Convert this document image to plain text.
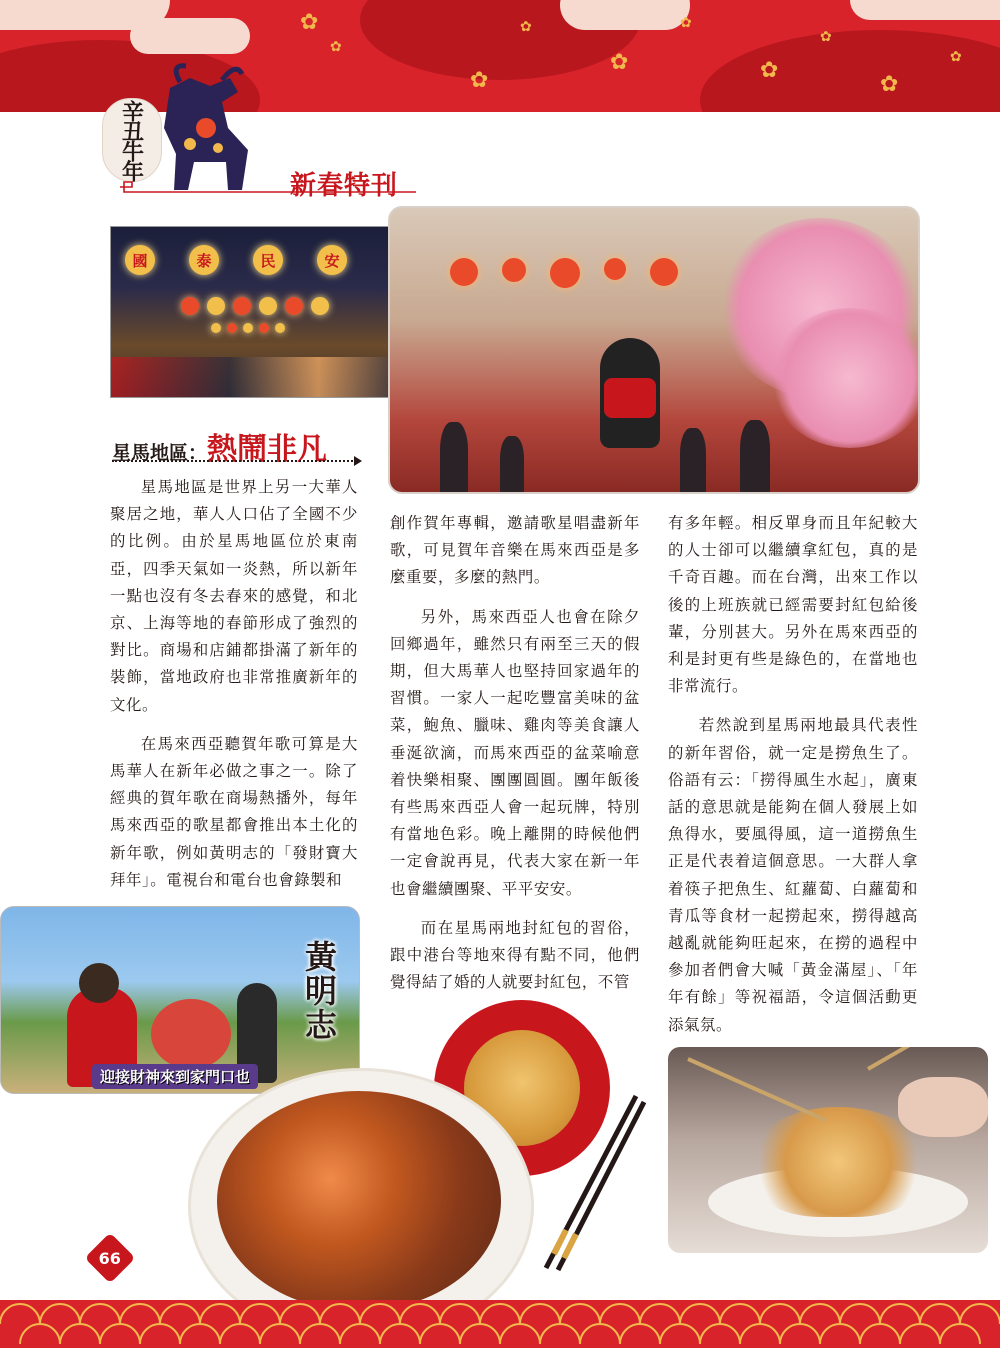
✿
✿
✿
✿
✿
✿
✿
✿
✿
✿
辛丑牛年
新春特刊
國	泰	民	安
黃明志
迎接財神來到家門口也
星馬地區：熱鬧非凡

星馬地區是世界上另一大華人聚居之地，華人人口佔了全國不少的比例。由於星馬地區位於東南亞，四季天氣如一炎熱，所以新年一點也沒有冬去春來的感覺，和北京、上海等地的春節形成了強烈的對比。商場和店鋪都掛滿了新年的裝飾，當地政府也非常推廣新年的文化。

在馬來西亞聽賀年歌可算是大馬華人在新年必做之事之一。除了經典的賀年歌在商場熱播外，每年馬來西亞的歌星都會推出本土化的新年歌，例如黃明志的「發財寶大拜年」。電視台和電台也會錄製和

創作賀年專輯，邀請歌星唱盡新年歌，可見賀年音樂在馬來西亞是多麼重要，多麼的熱門。

另外，馬來西亞人也會在除夕回鄉過年，雖然只有兩至三天的假期，但大馬華人也堅持回家過年的習慣。一家人一起吃豐富美味的盆菜，鮑魚、臘味、雞肉等美食讓人垂涎欲滴，而馬來西亞的盆菜喻意着快樂相聚、團團圓圓。團年飯後有些馬來西亞人會一起玩牌，特別有當地色彩。晚上離開的時候他們一定會說再見，代表大家在新一年也會繼續團聚、平平安安。

而在星馬兩地封紅包的習俗，跟中港台等地來得有點不同，他們覺得結了婚的人就要封紅包，不管

有多年輕。相反單身而且年紀較大的人士卻可以繼續拿紅包，真的是千奇百趣。而在台灣，出來工作以後的上班族就已經需要封紅包給後輩，分別甚大。另外在馬來西亞的利是封更有些是綠色的，在當地也非常流行。

若然說到星馬兩地最具代表性的新年習俗，就一定是撈魚生了。俗語有云：「撈得風生水起」，廣東話的意思就是能夠在個人發展上如魚得水，要風得風，這一道撈魚生正是代表着這個意思。一大群人拿着筷子把魚生、紅蘿蔔、白蘿蔔和青瓜等食材一起撈起來，撈得越高越亂就能夠旺起來，在撈的過程中參加者們會大喊「黃金滿屋」、「年年有餘」等祝福語，令這個活動更添氣氛。

66
